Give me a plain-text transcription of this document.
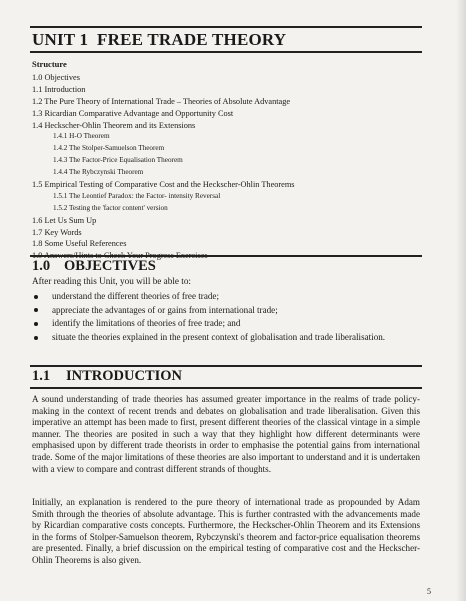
UNIT 1  FREE TRADE THEORY
Structure
1.0 Objectives
1.1 Introduction
1.2 The Pure Theory of International Trade – Theories of Absolute Advantage
1.3 Ricardian Comparative Advantage and Opportunity Cost
1.4 Heckscher-Ohlin Theorem and its Extensions
1.4.1 H-O Theorem
1.4.2 The Stolper-Samuelson Theorem
1.4.3 The Factor-Price Equalisation Theorem
1.4.4 The Rybczynski Theorem
1.5 Empirical Testing of Comparative Cost and the Heckscher-Ohlin Theorems
1.5.1 The Leontief Paradox: the Factor- intensity Reversal
1.5.2 Testing the 'factor content' version
1.6 Let Us Sum Up
1.7 Key Words
1.8 Some Useful References
1.0 OBJECTIVES
After reading this Unit, you will be able to:
understand the different theories of free trade;
appreciate the advantages of or gains from international trade;
identify the limitations of theories of free trade; and
situate the theories explained in the present context of globalisation and trade liberalisation.
1.1 INTRODUCTION

A sound understanding of trade theories has assumed greater importance in the realms of trade policy-making in the context of recent trends and debates on globalisation and trade liberalisation. Given this imperative an attempt has been made to first, present different theories of the classical vintage in a simple manner. The theories are posited in such a way that they highlight how different determinants were emphasised upon by different trade theorists in order to emphasise the potential gains from international trade. Some of the major limitations of these theories are also important to understand and it is undertaken with a view to compare and contrast different strands of thoughts.

Initially, an explanation is rendered to the pure theory of international trade as propounded by Adam Smith through the theories of absolute advantage. This is further contrasted with the advancements made by Ricardian comparative costs concepts. Furthermore, the Heckscher-Ohlin Theorem and its Extensions in the forms of Stolper-Samuelson theorem, Rybczynski's theorem and factor-price equalisation theorems are presented. Finally, a brief discussion on the empirical testing of comparative cost and the Heckscher-Ohlin Theorems is also given.

5
